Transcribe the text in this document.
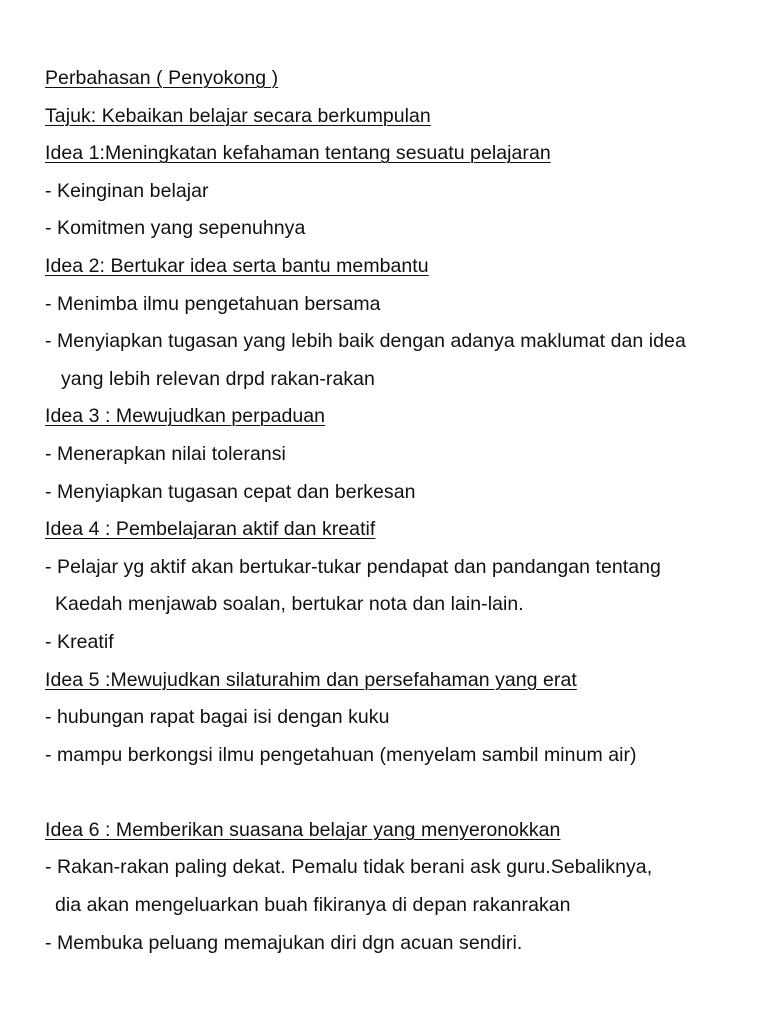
Perbahasan ( Penyokong )
Tajuk: Kebaikan belajar secara berkumpulan
Idea 1:Meningkatan kefahaman tentang sesuatu pelajaran
- Keinginan belajar
- Komitmen yang sepenuhnya
Idea 2: Bertukar idea serta bantu membantu
- Menimba ilmu pengetahuan bersama
- Menyiapkan tugasan yang lebih baik dengan adanya maklumat dan idea
yang lebih relevan drpd rakan-rakan
Idea 3 : Mewujudkan perpaduan
- Menerapkan nilai toleransi
- Menyiapkan tugasan cepat dan berkesan
Idea 4 : Pembelajaran aktif dan kreatif
- Pelajar yg aktif akan bertukar-tukar pendapat dan pandangan tentang
Kaedah menjawab soalan, bertukar nota dan lain-lain.
- Kreatif
Idea 5 :Mewujudkan silaturahim dan persefahaman yang erat
- hubungan rapat bagai isi dengan kuku
- mampu berkongsi ilmu pengetahuan (menyelam sambil minum air)
Idea 6 : Memberikan suasana belajar yang menyeronokkan
- Rakan-rakan paling dekat. Pemalu tidak berani ask guru.Sebaliknya,
dia akan mengeluarkan buah fikiranya di depan rakanrakan
- Membuka peluang memajukan diri dgn acuan sendiri.
